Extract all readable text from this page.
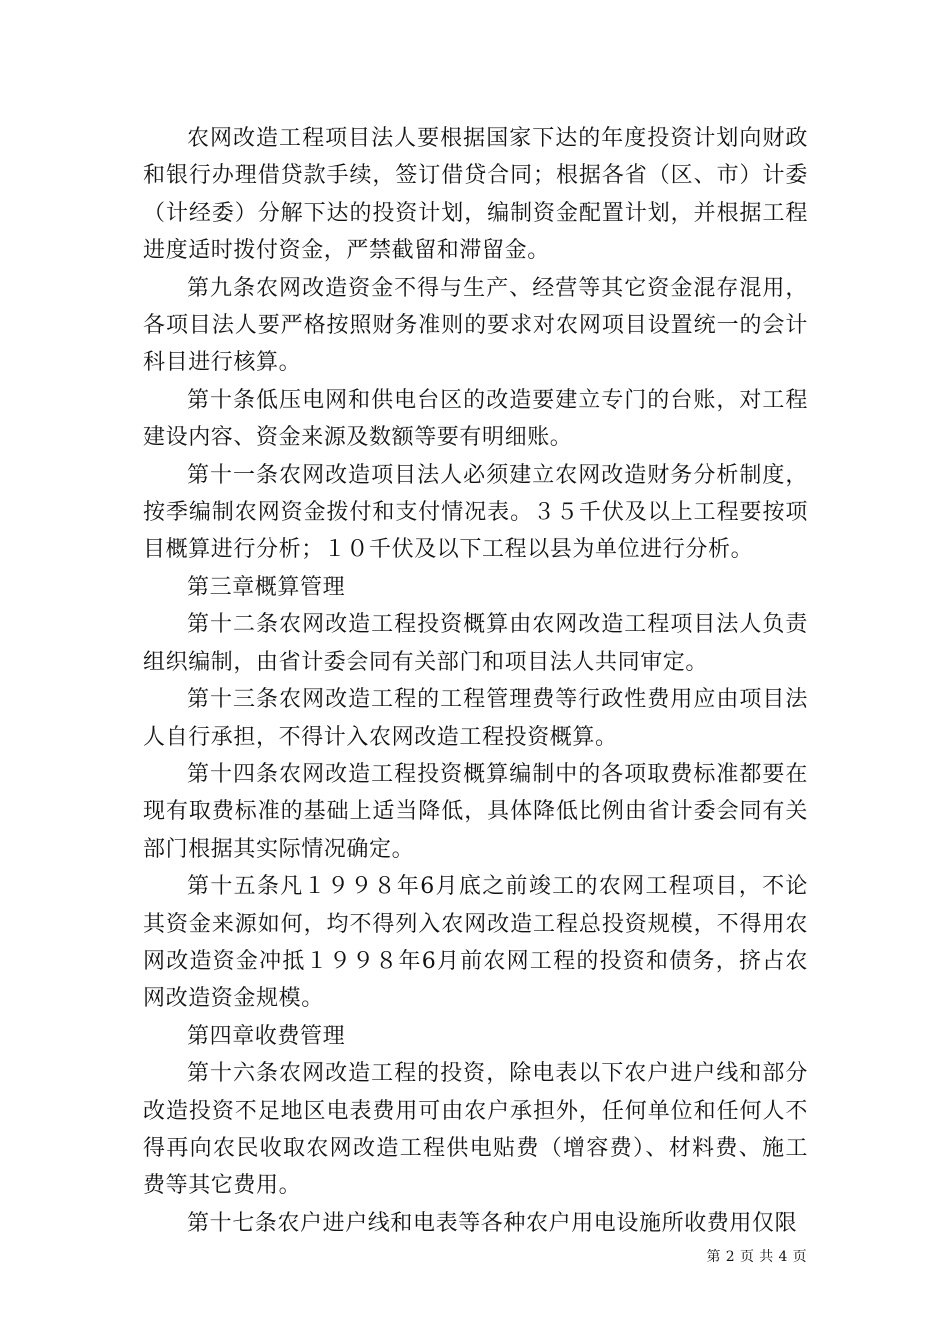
农网改造工程项目法人要根据国家下达的年度投资计划向财政和银行办理借贷款手续，签订借贷合同；根据各省（区、市）计委（计经委）分解下达的投资计划，编制资金配置计划，并根据工程进度适时拨付资金，严禁截留和滞留金。

第九条农网改造资金不得与生产、经营等其它资金混存混用，各项目法人要严格按照财务准则的要求对农网项目设置统一的会计科目进行核算。

第十条低压电网和供电台区的改造要建立专门的台账，对工程建设内容、资金来源及数额等要有明细账。

第十一条农网改造项目法人必须建立农网改造财务分析制度，按季编制农网资金拨付和支付情况表。３５千伏及以上工程要按项目概算进行分析；１０千伏及以下工程以县为单位进行分析。

第三章概算管理

第十二条农网改造工程投资概算由农网改造工程项目法人负责组织编制，由省计委会同有关部门和项目法人共同审定。

第十三条农网改造工程的工程管理费等行政性费用应由项目法人自行承担，不得计入农网改造工程投资概算。

第十四条农网改造工程投资概算编制中的各项取费标准都要在现有取费标准的基础上适当降低，具体降低比例由省计委会同有关部门根据其实际情况确定。

第十五条凡１９９８年6月底之前竣工的农网工程项目，不论其资金来源如何，均不得列入农网改造工程总投资规模，不得用农网改造资金冲抵１９９８年6月前农网工程的投资和债务，挤占农网改造资金规模。

第四章收费管理

第十六条农网改造工程的投资，除电表以下农户进户线和部分改造投资不足地区电表费用可由农户承担外，任何单位和任何人不得再向农民收取农网改造工程供电贴费（增容费）、材料费、施工费等其它费用。

第十七条农户进户线和电表等各种农户用电设施所收费用仅限

第 2 页 共 4 页
